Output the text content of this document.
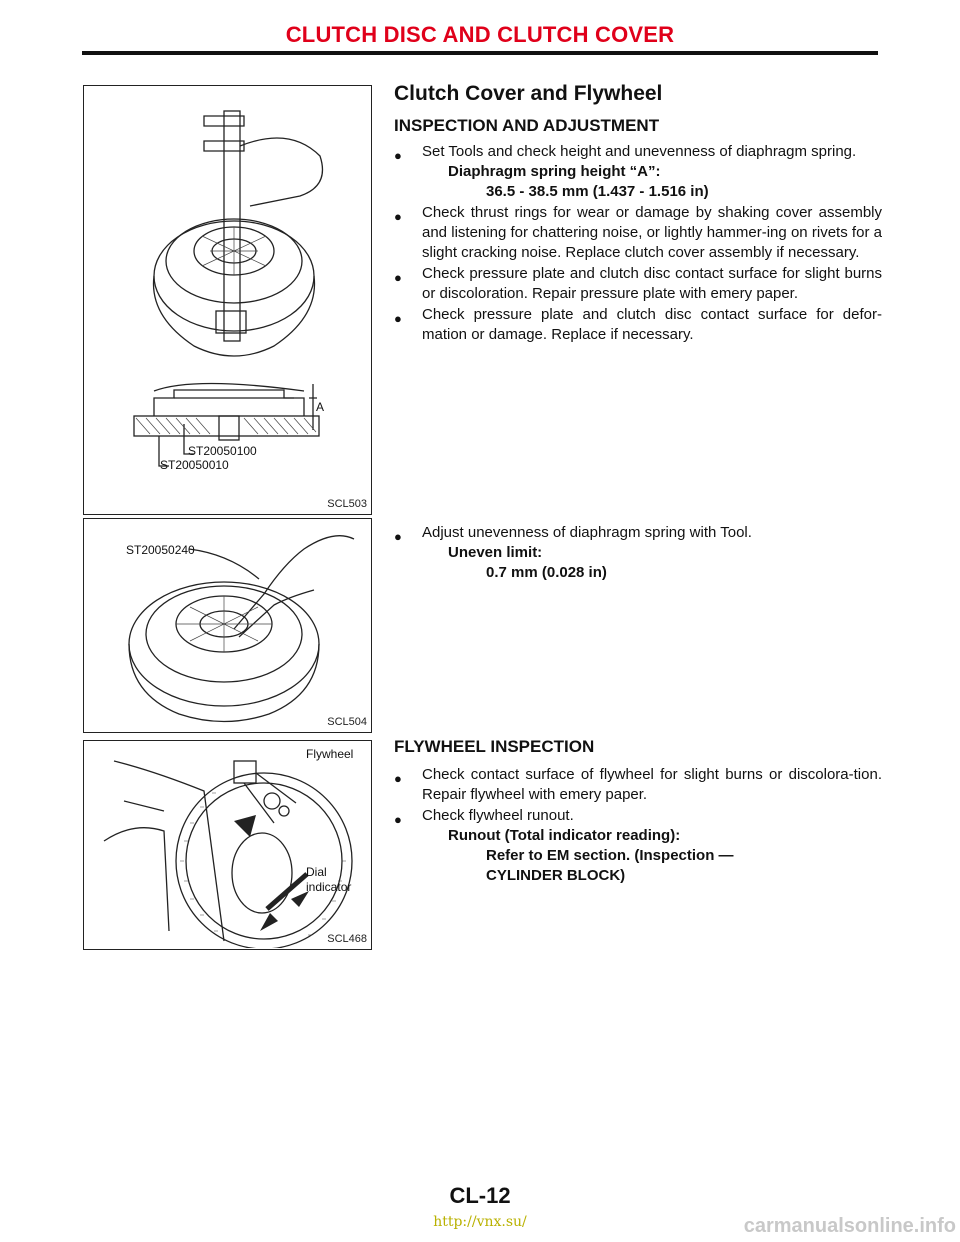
CLUTCH DISC AND CLUTCH COVER
A
ST20050100
ST20050010
SCL503
ST20050240
SCL504
Flywheel
Dial
indicator
SCL468
Clutch Cover and Flywheel
INSPECTION AND ADJUSTMENT
● Set Tools and check height and unevenness of diaphragm spring.
Diaphragm spring height “A”:
36.5 - 38.5 mm (1.437 - 1.516 in)
● Check thrust rings for wear or damage by shaking cover assembly and listening for chattering noise, or lightly hammer-ing on rivets for a slight cracking noise. Replace clutch cover assembly if necessary.
● Check pressure plate and clutch disc contact surface for slight burns or discoloration. Repair pressure plate with emery paper.
● Check pressure plate and clutch disc contact surface for defor-mation or damage. Replace if necessary.
● Adjust unevenness of diaphragm spring with Tool.
Uneven limit:
0.7 mm (0.028 in)
FLYWHEEL INSPECTION
● Check contact surface of flywheel for slight burns or discolora-tion. Repair flywheel with emery paper.
● Check flywheel runout.
Runout (Total indicator reading):
Refer to EM section. (Inspection — CYLINDER BLOCK)
CL-12
http://vnx.su/	carmanualsonline.info
